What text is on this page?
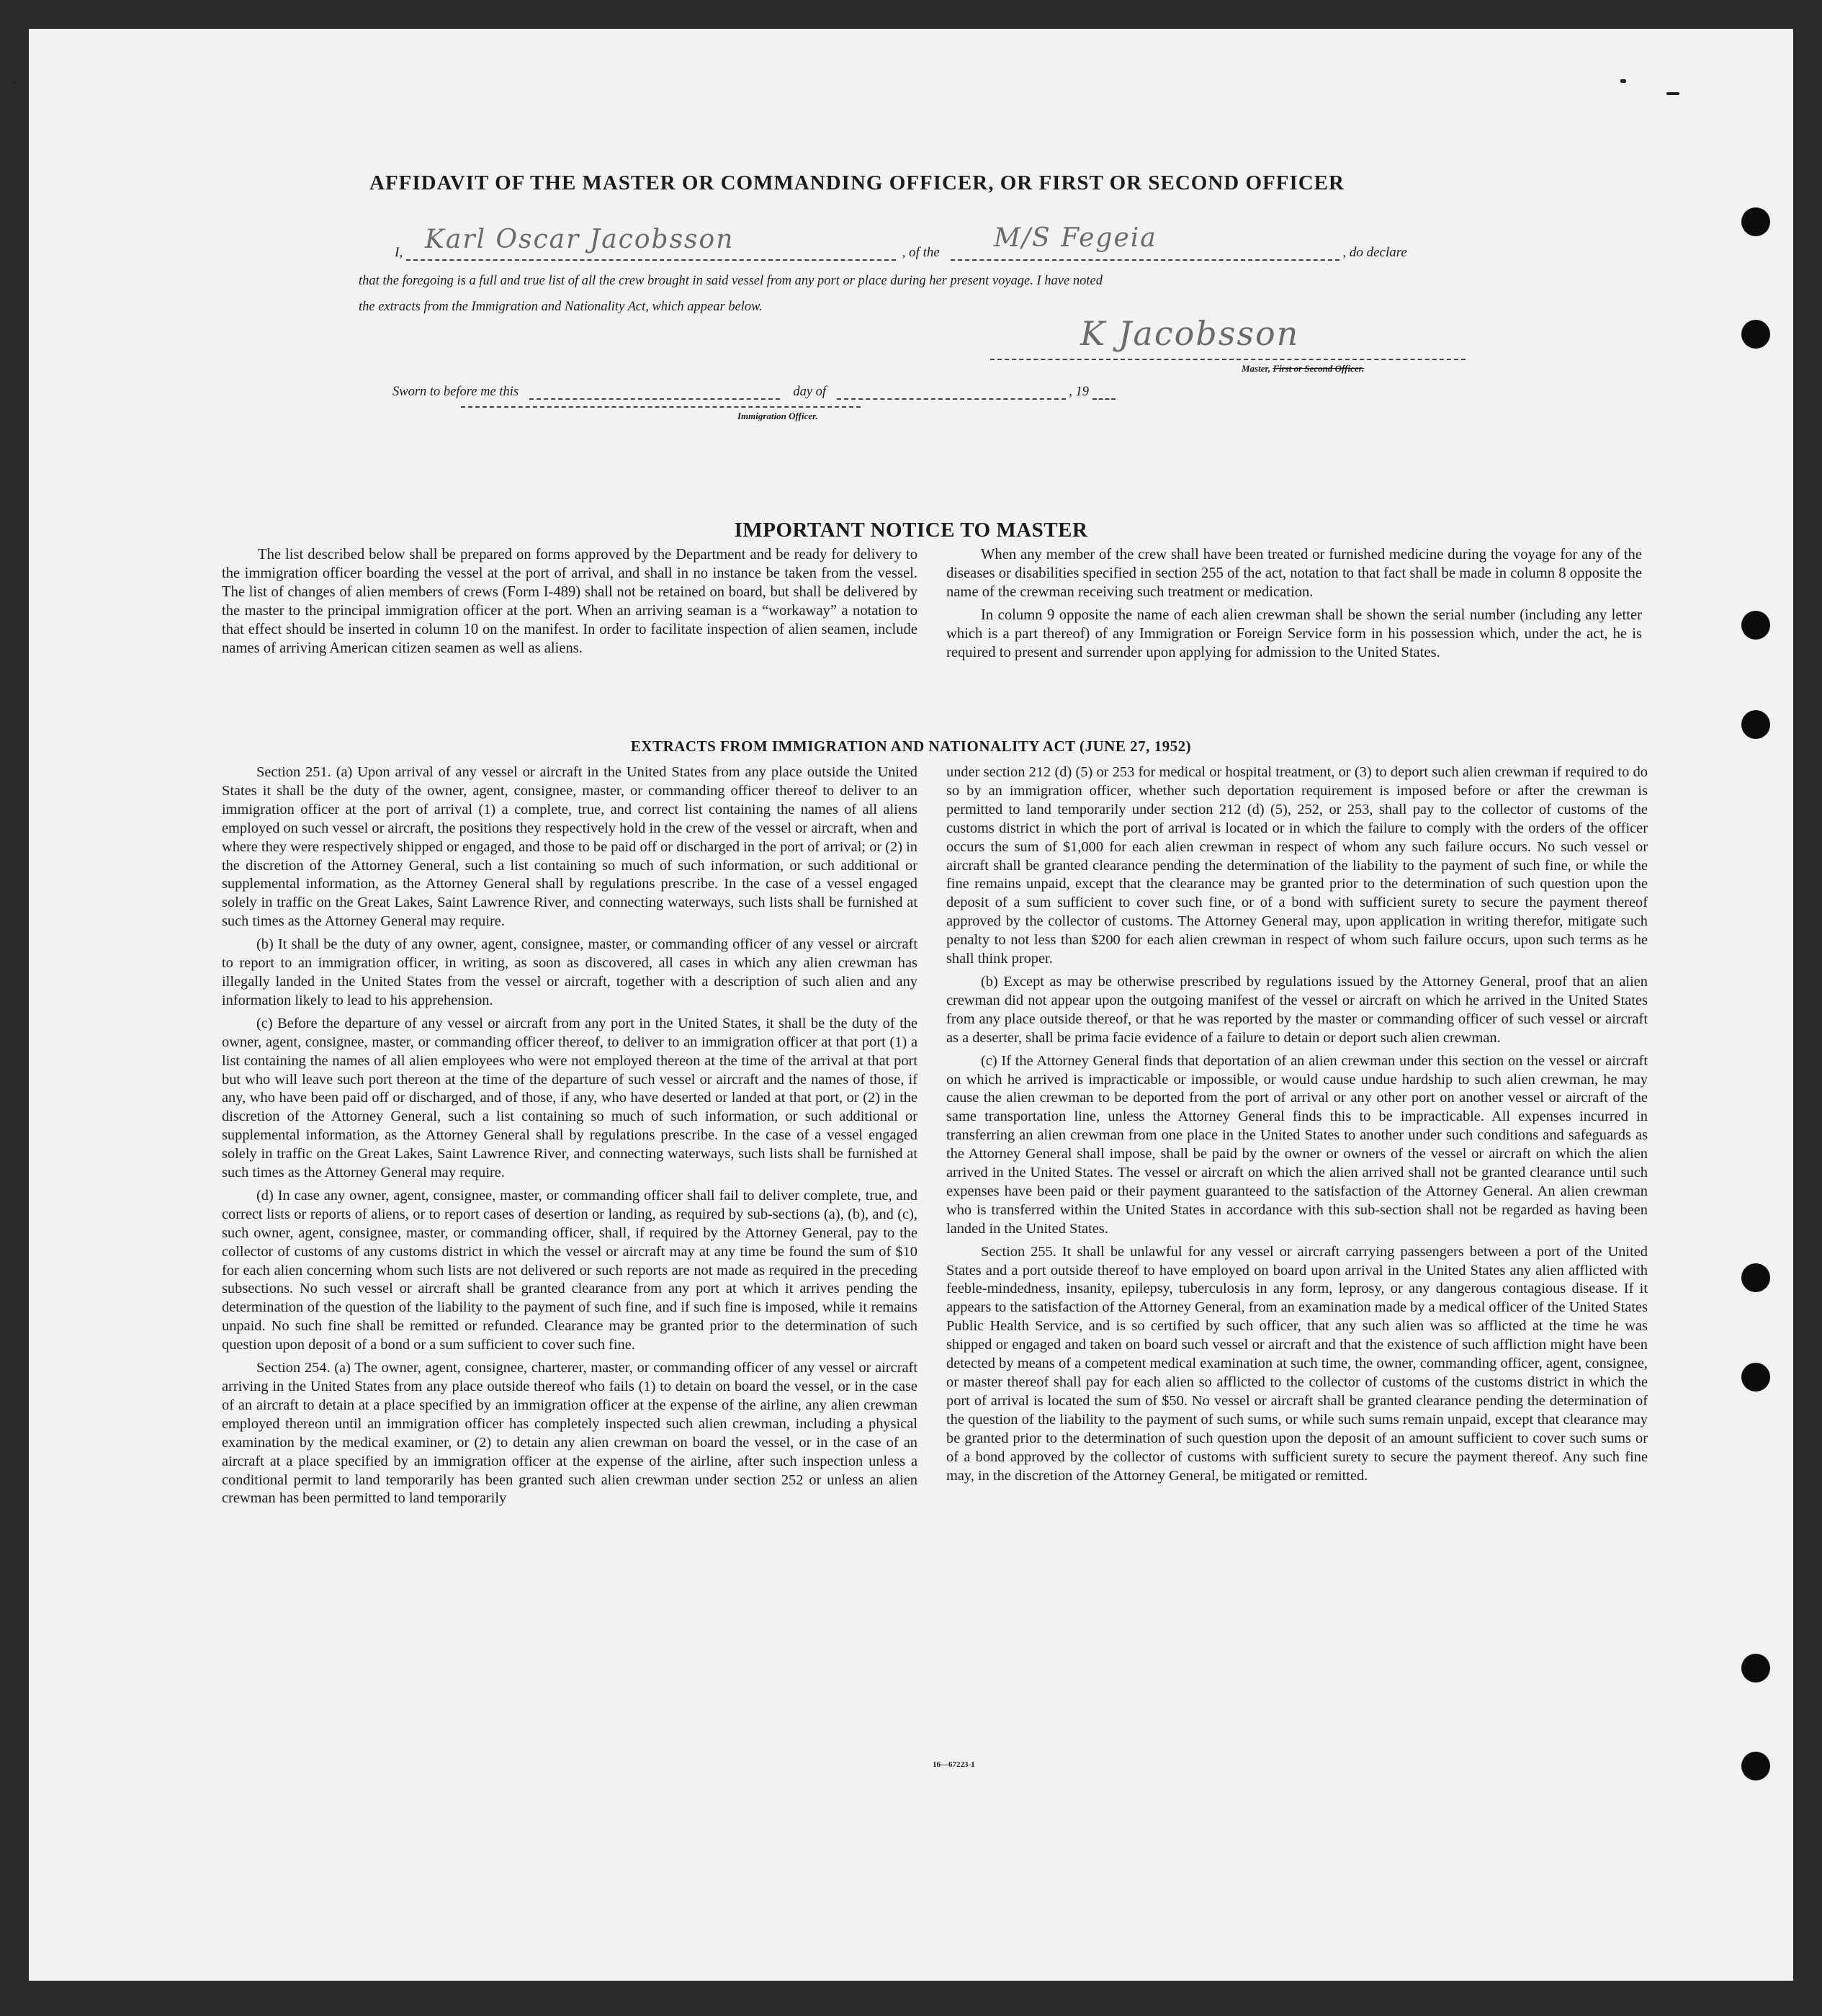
AFFIDAVIT OF THE MASTER OR COMMANDING OFFICER, OR FIRST OR SECOND OFFICER
I,	, of the	, do declare
Karl Oscar Jacobsson	M/S Fegeia
that the foregoing is a full and true list of all the crew brought in said vessel from any port or place during her present voyage. I have noted
the extracts from the Immigration and Nationality Act, which appear below.
K Jacobsson
Master, First or Second Officer.
Sworn to before me this	day of	, 19
Immigration Officer.
IMPORTANT NOTICE TO MASTER

The list described below shall be prepared on forms approved by the Department and be ready for delivery to the immigration officer boarding the vessel at the port of arrival, and shall in no instance be taken from the vessel. The list of changes of alien members of crews (Form I-489) shall not be retained on board, but shall be delivered by the master to the principal immigration officer at the port. When an arriving seaman is a “workaway” a notation to that effect should be inserted in column 10 on the manifest. In order to facilitate inspection of alien seamen, include names of arriving American citizen seamen as well as aliens.

When any member of the crew shall have been treated or furnished medicine during the voyage for any of the diseases or disabilities specified in section 255 of the act, notation to that fact shall be made in column 8 opposite the name of the crewman receiving such treatment or medication.

In column 9 opposite the name of each alien crewman shall be shown the serial number (including any letter which is a part thereof) of any Immigration or Foreign Service form in his possession which, under the act, he is required to present and surrender upon applying for admission to the United States.

EXTRACTS FROM IMMIGRATION AND NATIONALITY ACT (JUNE 27, 1952)

Section 251. (a) Upon arrival of any vessel or aircraft in the United States from any place outside the United States it shall be the duty of the owner, agent, consignee, master, or commanding officer thereof to deliver to an immigration officer at the port of arrival (1) a complete, true, and correct list containing the names of all aliens employed on such vessel or aircraft, the positions they respectively hold in the crew of the vessel or aircraft, when and where they were respectively shipped or engaged, and those to be paid off or discharged in the port of arrival; or (2) in the discretion of the Attorney General, such a list containing so much of such information, or such additional or supplemental information, as the Attorney General shall by regulations prescribe. In the case of a vessel engaged solely in traffic on the Great Lakes, Saint Lawrence River, and connecting waterways, such lists shall be furnished at such times as the Attorney General may require.

(b) It shall be the duty of any owner, agent, consignee, master, or commanding officer of any vessel or aircraft to report to an immigration officer, in writing, as soon as discovered, all cases in which any alien crewman has illegally landed in the United States from the vessel or aircraft, together with a description of such alien and any information likely to lead to his apprehension.

(c) Before the departure of any vessel or aircraft from any port in the United States, it shall be the duty of the owner, agent, consignee, master, or commanding officer thereof, to deliver to an immigration officer at that port (1) a list containing the names of all alien employees who were not employed thereon at the time of the arrival at that port but who will leave such port thereon at the time of the departure of such vessel or aircraft and the names of those, if any, who have been paid off or discharged, and of those, if any, who have deserted or landed at that port, or (2) in the discretion of the Attorney General, such a list containing so much of such information, or such additional or supplemental information, as the Attorney General shall by regulations prescribe. In the case of a vessel engaged solely in traffic on the Great Lakes, Saint Lawrence River, and connecting waterways, such lists shall be furnished at such times as the Attorney General may require.

(d) In case any owner, agent, consignee, master, or commanding officer shall fail to deliver complete, true, and correct lists or reports of aliens, or to report cases of desertion or landing, as required by sub-sections (a), (b), and (c), such owner, agent, consignee, master, or commanding officer, shall, if required by the Attorney General, pay to the collector of customs of any customs district in which the vessel or aircraft may at any time be found the sum of $10 for each alien concerning whom such lists are not delivered or such reports are not made as required in the preceding subsections. No such vessel or aircraft shall be granted clearance from any port at which it arrives pending the determination of the question of the liability to the payment of such fine, and if such fine is imposed, while it remains unpaid. No such fine shall be remitted or refunded. Clearance may be granted prior to the determination of such question upon deposit of a bond or a sum sufficient to cover such fine.

Section 254. (a) The owner, agent, consignee, charterer, master, or commanding officer of any vessel or aircraft arriving in the United States from any place outside thereof who fails (1) to detain on board the vessel, or in the case of an aircraft to detain at a place specified by an immigration officer at the expense of the airline, any alien crewman employed thereon until an immigration officer has completely inspected such alien crewman, including a physical examination by the medical examiner, or (2) to detain any alien crewman on board the vessel, or in the case of an aircraft at a place specified by an immigration officer at the expense of the airline, after such inspection unless a conditional permit to land temporarily has been granted such alien crewman under section 252 or unless an alien crewman has been permitted to land temporarily

under section 212 (d) (5) or 253 for medical or hospital treatment, or (3) to deport such alien crewman if required to do so by an immigration officer, whether such deportation requirement is imposed before or after the crewman is permitted to land temporarily under section 212 (d) (5), 252, or 253, shall pay to the collector of customs of the customs district in which the port of arrival is located or in which the failure to comply with the orders of the officer occurs the sum of $1,000 for each alien crewman in respect of whom any such failure occurs. No such vessel or aircraft shall be granted clearance pending the determination of the liability to the payment of such fine, or while the fine remains unpaid, except that the clearance may be granted prior to the determination of such question upon the deposit of a sum sufficient to cover such fine, or of a bond with sufficient surety to secure the payment thereof approved by the collector of customs. The Attorney General may, upon application in writing therefor, mitigate such penalty to not less than $200 for each alien crewman in respect of whom such failure occurs, upon such terms as he shall think proper.

(b) Except as may be otherwise prescribed by regulations issued by the Attorney General, proof that an alien crewman did not appear upon the outgoing manifest of the vessel or aircraft on which he arrived in the United States from any place outside thereof, or that he was reported by the master or commanding officer of such vessel or aircraft as a deserter, shall be prima facie evidence of a failure to detain or deport such alien crewman.

(c) If the Attorney General finds that deportation of an alien crewman under this section on the vessel or aircraft on which he arrived is impracticable or impossible, or would cause undue hardship to such alien crewman, he may cause the alien crewman to be deported from the port of arrival or any other port on another vessel or aircraft of the same transportation line, unless the Attorney General finds this to be impracticable. All expenses incurred in transferring an alien crewman from one place in the United States to another under such conditions and safeguards as the Attorney General shall impose, shall be paid by the owner or owners of the vessel or aircraft on which the alien arrived in the United States. The vessel or aircraft on which the alien arrived shall not be granted clearance until such expenses have been paid or their payment guaranteed to the satisfaction of the Attorney General. An alien crewman who is transferred within the United States in accordance with this sub-section shall not be regarded as having been landed in the United States.

Section 255. It shall be unlawful for any vessel or aircraft carrying passengers between a port of the United States and a port outside thereof to have employed on board upon arrival in the United States any alien afflicted with feeble-mindedness, insanity, epilepsy, tuberculosis in any form, leprosy, or any dangerous contagious disease. If it appears to the satisfaction of the Attorney General, from an examination made by a medical officer of the United States Public Health Service, and is so certified by such officer, that any such alien was so afflicted at the time he was shipped or engaged and taken on board such vessel or aircraft and that the existence of such affliction might have been detected by means of a competent medical examination at such time, the owner, commanding officer, agent, consignee, or master thereof shall pay for each alien so afflicted to the collector of customs of the customs district in which the port of arrival is located the sum of $50. No vessel or aircraft shall be granted clearance pending the determination of the question of the liability to the payment of such sums, or while such sums remain unpaid, except that clearance may be granted prior to the determination of such question upon the deposit of an amount sufficient to cover such sums or of a bond approved by the collector of customs with sufficient surety to secure the payment thereof. Any such fine may, in the discretion of the Attorney General, be mitigated or remitted.

16—67223-1
